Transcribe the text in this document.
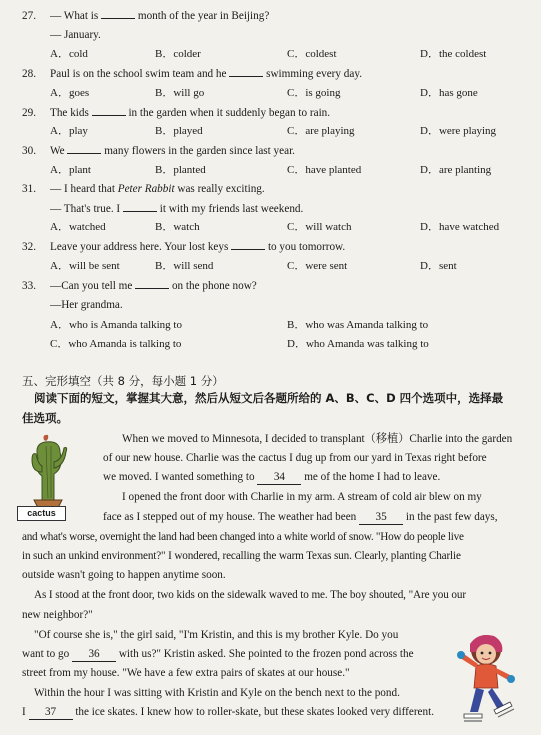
27. — What is	month of the year in Beijing?
— January.
A．cold	B．colder	C．coldest	D．the coldest
28. Paul is on the school swim team and he	swimming every day.
A．goes	B．will go	C．is going	D．has gone
29. The kids	in the garden when it suddenly began to rain.
A．play	B．played	C．are playing	D．were playing
30. We	many flowers in the garden since last year.
A．plant	B．planted	C．have planted	D．are planting
31. — I heard that Peter Rabbit was really exciting.
— That's true. I	it with my friends last weekend.
A．watched	B．watch	C．will watch	D．have watched
32. Leave your address here. Your lost keys	to you tomorrow.
A．will be sent	B．will send	C．were sent	D．sent
33. —Can you tell me	on the phone now?
—Her grandma.
A．who is Amanda talking to	B．who was Amanda talking to
C．who Amanda is talking to	D．who Amanda was talking to
五、完形填空（共 8 分，每小题 1 分）
阅读下面的短文，掌握其大意，然后从短文后各题所给的 A、B、C、D 四个选项中，选择最
佳选项。
cactus
When we moved to Minnesota, I decided to transplant（移植）Charlie into the garden
of our new house. Charlie was the cactus I dug up from our yard in Texas right before
we moved. I wanted something to 34 me of the home I had to leave.
I opened the front door with Charlie in my arm. A stream of cold air blew on my
face as I stepped out of my house. The weather had been 35 in the past few days,
and what's worse, overnight the land had been changed into a white world of snow. "How do people live
in such an unkind environment?" I wondered, recalling the warm Texas sun. Clearly, planting Charlie
outside wasn't going to happen anytime soon.
As I stood at the front door, two kids on the sidewalk waved to me. The boy shouted, "Are you our
new neighbor?"
"Of course she is," the girl said, "I'm Kristin, and this is my brother Kyle. Do you
want to go 36 with us?" Kristin asked. She pointed to the frozen pond across the
street from my house. "We have a few extra pairs of skates at our house."
Within the hour I was sitting with Kristin and Kyle on the bench next to the pond.
I 37 the ice skates. I knew how to roller-skate, but these skates looked very different.
